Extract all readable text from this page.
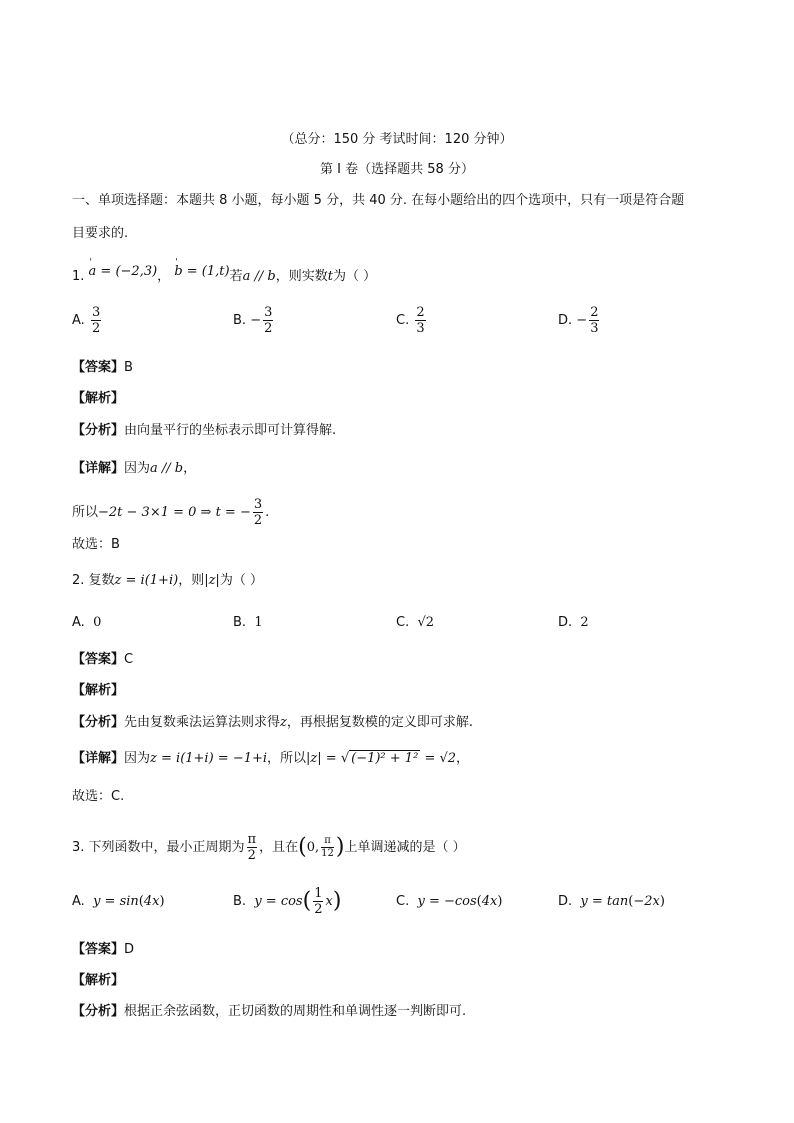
（总分：150 分 考试时间：120 分钟）
第 I 卷（选择题共 58 分）
一、单项选择题：本题共 8 小题，每小题 5 分，共 40 分. 在每小题给出的四个选项中，只有一项是符合题
目要求的.
1. ' a = (−2,3)， ' b = (1,t)若a // b，则实数t为（ ）
A. $\frac{3}{2}$	B. − $\frac{3}{2}$	C. $\frac{2}{3}$	D. − $\frac{2}{3}$
【答案】B
【解析】
【分析】由向量平行的坐标表示即可计算得解.
【详解】因为a // b，
所以−2t − 3×1 = 0 ⇒ t = − $\frac{3}{2}$ .
故选：B
2. 复数z = i(1+i)，则|z|为（ ）
A. 0	B. 1	C. √2	D. 2
【答案】C
【解析】
【分析】先由复数乘法运算法则求得z，再根据复数模的定义即可求解.
【详解】因为z = i(1+i) = −1+i，所以|z| = √ (−1)² + 1² = √2，
故选：C.
3. 下列函数中，最小正周期为 $\frac{\pi}{2}$ ，且在(0, $\frac{\pi}{12}$ )上单调递减的是（ ）
A. y = sin(4x)	B. $y = \cos( \frac{1}{2} x)$	C. y = −cos(4x)	D. y = tan(−2x)
【答案】D
【解析】
【分析】根据正余弦函数，正切函数的周期性和单调性逐一判断即可.
